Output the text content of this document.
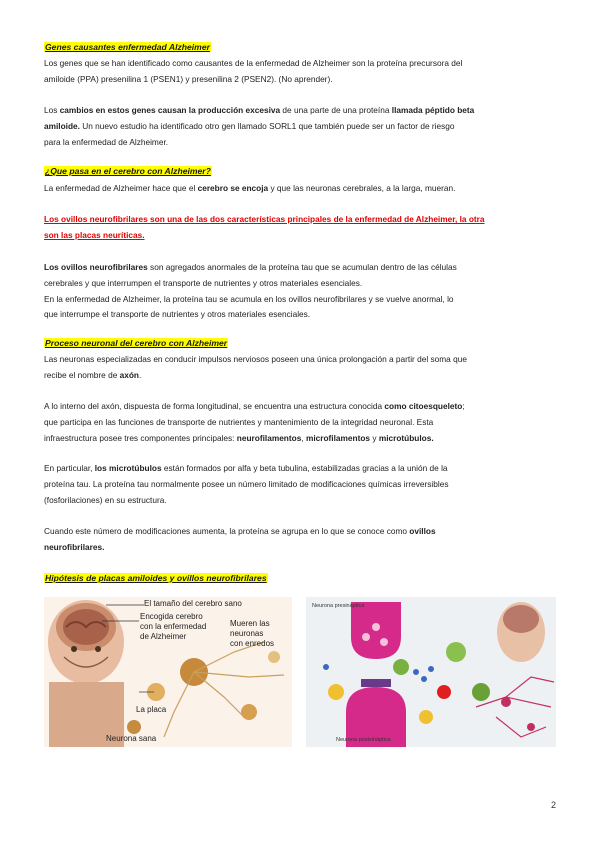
Genes causantes enfermedad Alzheimer
Los genes que se han identificado como causantes de la enfermedad de Alzheimer son la proteína precursora del
amiloide (PPA) presenilina 1 (PSEN1) y presenilina 2 (PSEN2). (No aprender).
Los cambios en estos genes causan la producción excesiva de una parte de una proteína llamada péptido beta
amiloide. Un nuevo estudio ha identificado otro gen llamado SORL1 que también puede ser un factor de riesgo
para la enfermedad de Alzheimer.
¿Que pasa en el cerebro con Alzheimer?
La enfermedad de Alzheimer hace que el cerebro se encoja y que las neuronas cerebrales, a la larga, mueran.
Los ovillos neurofibrilares son una de las dos características principales de la enfermedad de Alzheimer, la otra
son las placas neuríticas.
Los ovillos neurofibrilares son agregados anormales de la proteína tau que se acumulan dentro de las células
cerebrales y que interrumpen el transporte de nutrientes y otros materiales esenciales.
En la enfermedad de Alzheimer, la proteína tau se acumula en los ovillos neurofibrilares y se vuelve anormal, lo
que interrumpe el transporte de nutrientes y otros materiales esenciales.
Proceso neuronal del cerebro con Alzheimer
Las neuronas especializadas en conducir impulsos nerviosos poseen una única prolongación a partir del soma que
recibe el nombre de axón.
A lo interno del axón, dispuesta de forma longitudinal, se encuentra una estructura conocida como citoesqueleto;
que participa en las funciones de transporte de nutrientes y mantenimiento de la integridad neuronal. Esta
infraestructura posee tres componentes principales: neurofilamentos, microfilamentos y microtúbulos.
En particular, los microtúbulos están formados por alfa y beta tubulina, estabilizadas gracias a la unión de la
proteína tau. La proteína tau normalmente posee un número limitado de modificaciones químicas irreversibles
(fosforilaciones) en su estructura.
Cuando este número de modificaciones aumenta, la proteína se agrupa en lo que se conoce como ovillos
neurofibrilares.
Hipótesis de placas amiloides y ovillos neurofibrilares
El tamaño del cerebro sano
Encogida cerebro
con la enfermedad
de Alzheimer
Mueren las
neuronas
con enredos
La placa
Neurona sana
Neurona presináptica
Neurona postsináptica
2
